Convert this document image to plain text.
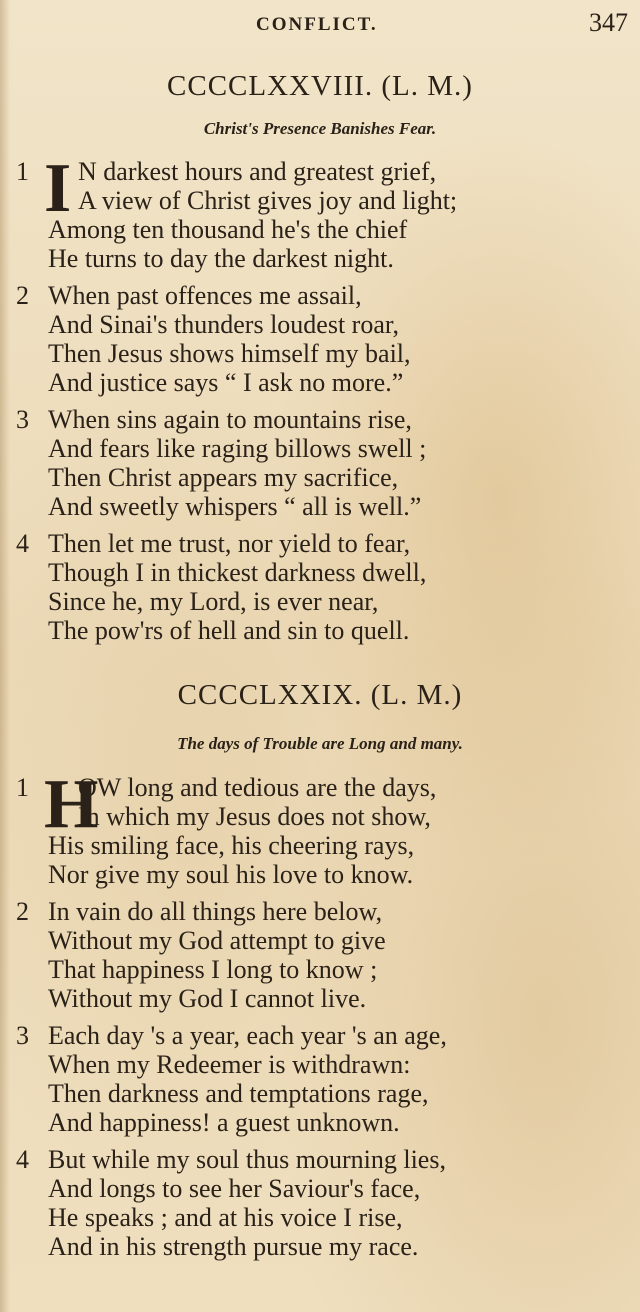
CONFLICT.	347
CCCCLXXVIII. (L. M.)
Christ's Presence Banishes Fear.
1 I N darkest hours and greatest grief,
A view of Christ gives joy and light;
Among ten thousand he's the chief
He turns to day the darkest night.
2 When past offences me assail,
And Sinai's thunders loudest roar,
Then Jesus shows himself my bail,
And justice says “ I ask no more.”
3 When sins again to mountains rise,
And fears like raging billows swell ;
Then Christ appears my sacrifice,
And sweetly whispers “ all is well.”
4 Then let me trust, nor yield to fear,
Though I in thickest darkness dwell,
Since he, my Lord, is ever near,
The pow'rs of hell and sin to quell.
CCCCLXXIX. (L. M.)
The days of Trouble are Long and many.
1 H
OW long and tedious are the days,
In which my Jesus does not show,
His smiling face, his cheering rays,
Nor give my soul his love to know.
2 In vain do all things here below,
Without my God attempt to give
That happiness I long to know ;
Without my God I cannot live.
3 Each day 's a year, each year 's an age,
When my Redeemer is withdrawn:
Then darkness and temptations rage,
And happiness! a guest unknown.
4 But while my soul thus mourning lies,
And longs to see her Saviour's face,
He speaks ; and at his voice I rise,
And in his strength pursue my race.
